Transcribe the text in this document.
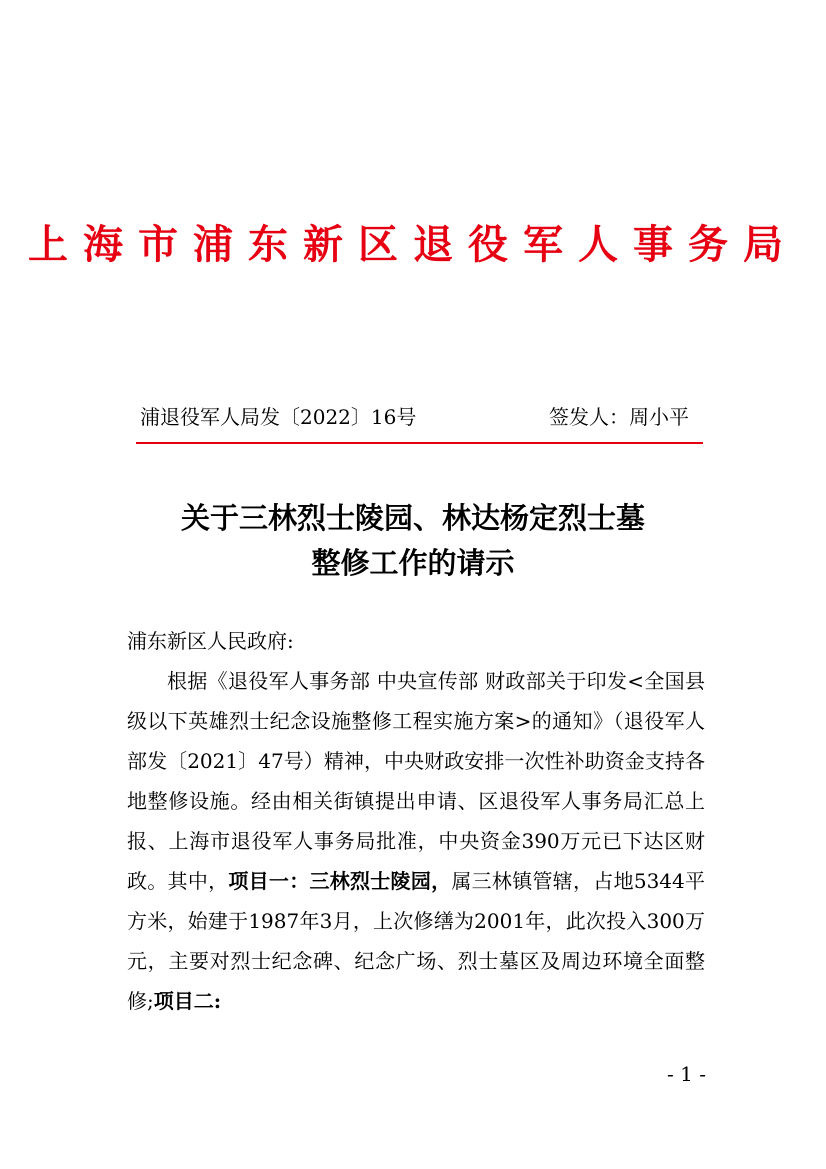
上海市浦东新区退役军人事务局
浦退役军人局发〔2022〕16号	签发人：周小平
关于三林烈士陵园、林达杨定烈士墓
整修工作的请示

浦东新区人民政府:

根据《退役军人事务部 中央宣传部 财政部关于印发<全国县级以下英雄烈士纪念设施整修工程实施方案>的通知》（退役军人部发〔2021〕47号）精神，中央财政安排一次性补助资金支持各地整修设施。经由相关街镇提出申请、区退役军人事务局汇总上报、上海市退役军人事务局批准，中央资金390万元已下达区财政。其中，项目一：三林烈士陵园，属三林镇管辖，占地5344平方米，始建于1987年3月，上次修缮为2001年，此次投入300万元，主要对烈士纪念碑、纪念广场、烈士墓区及周边环境全面整修;项目二:

- 1 -
